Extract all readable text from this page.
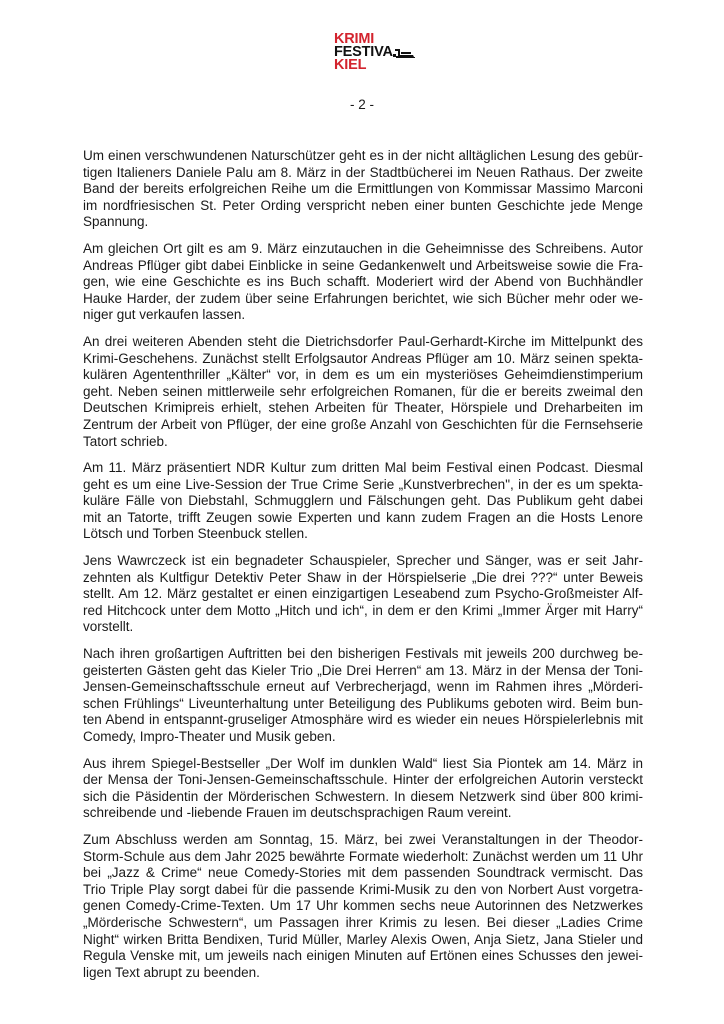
KRIMI
FESTIVA
KIEL
- 2 -

Um einen verschwundenen Naturschützer geht es in der nicht alltäglichen Lesung des gebür-
tigen Italieners Daniele Palu am 8. März in der Stadtbücherei im Neuen Rathaus. Der zweite
Band der bereits erfolgreichen Reihe um die Ermittlungen von Kommissar Massimo Marconi
im nordfriesischen St. Peter Ording verspricht neben einer bunten Geschichte jede Menge
Spannung.

Am gleichen Ort gilt es am 9. März einzutauchen in die Geheimnisse des Schreibens. Autor
Andreas Pflüger gibt dabei Einblicke in seine Gedankenwelt und Arbeitsweise sowie die Fra-
gen, wie eine Geschichte es ins Buch schafft. Moderiert wird der Abend von Buchhändler
Hauke Harder, der zudem über seine Erfahrungen berichtet, wie sich Bücher mehr oder we-
niger gut verkaufen lassen.

An drei weiteren Abenden steht die Dietrichsdorfer Paul-Gerhardt-Kirche im Mittelpunkt des
Krimi-Geschehens. Zunächst stellt Erfolgsautor Andreas Pflüger am 10. März seinen spekta-
kulären Agententhriller „Kälter“ vor, in dem es um ein mysteriöses Geheimdienstimperium
geht. Neben seinen mittlerweile sehr erfolgreichen Romanen, für die er bereits zweimal den
Deutschen Krimipreis erhielt, stehen Arbeiten für Theater, Hörspiele und Dreharbeiten im
Zentrum der Arbeit von Pflüger, der eine große Anzahl von Geschichten für die Fernsehserie
Tatort schrieb.

Am 11. März präsentiert NDR Kultur zum dritten Mal beim Festival einen Podcast. Diesmal
geht es um eine Live-Session der True Crime Serie „Kunstverbrechen", in der es um spekta-
kuläre Fälle von Diebstahl, Schmugglern und Fälschungen geht. Das Publikum geht dabei
mit an Tatorte, trifft Zeugen sowie Experten und kann zudem Fragen an die Hosts Lenore
Lötsch und Torben Steenbuck stellen.

Jens Wawrczeck ist ein begnadeter Schauspieler, Sprecher und Sänger, was er seit Jahr-
zehnten als Kultfigur Detektiv Peter Shaw in der Hörspielserie „Die drei ???“ unter Beweis
stellt. Am 12. März gestaltet er einen einzigartigen Leseabend zum Psycho-Großmeister Alf-
red Hitchcock unter dem Motto „Hitch und ich“, in dem er den Krimi „Immer Ärger mit Harry“
vorstellt.

Nach ihren großartigen Auftritten bei den bisherigen Festivals mit jeweils 200 durchweg be-
geisterten Gästen geht das Kieler Trio „Die Drei Herren“ am 13. März in der Mensa der Toni-
Jensen-Gemeinschaftsschule erneut auf Verbrecherjagd, wenn im Rahmen ihres „Mörderi-
schen Frühlings“ Liveunterhaltung unter Beteiligung des Publikums geboten wird. Beim bun-
ten Abend in entspannt-gruseliger Atmosphäre wird es wieder ein neues Hörspielerlebnis mit
Comedy, Impro-Theater und Musik geben.

Aus ihrem Spiegel-Bestseller „Der Wolf im dunklen Wald“ liest Sia Piontek am 14. März in
der Mensa der Toni-Jensen-Gemeinschaftsschule. Hinter der erfolgreichen Autorin versteckt
sich die Päsidentin der Mörderischen Schwestern. In diesem Netzwerk sind über 800 krimi-
schreibende und -liebende Frauen im deutschsprachigen Raum vereint.

Zum Abschluss werden am Sonntag, 15. März, bei zwei Veranstaltungen in der Theodor-
Storm-Schule aus dem Jahr 2025 bewährte Formate wiederholt: Zunächst werden um 11 Uhr
bei „Jazz & Crime“ neue Comedy-Stories mit dem passenden Soundtrack vermischt. Das
Trio Triple Play sorgt dabei für die passende Krimi-Musik zu den von Norbert Aust vorgetra-
genen Comedy-Crime-Texten. Um 17 Uhr kommen sechs neue Autorinnen des Netzwerkes
„Mörderische Schwestern“, um Passagen ihrer Krimis zu lesen. Bei dieser „Ladies Crime
Night“ wirken Britta Bendixen, Turid Müller, Marley Alexis Owen, Anja Sietz, Jana Stieler und
Regula Venske mit, um jeweils nach einigen Minuten auf Ertönen eines Schusses den jewei-
ligen Text abrupt zu beenden.
